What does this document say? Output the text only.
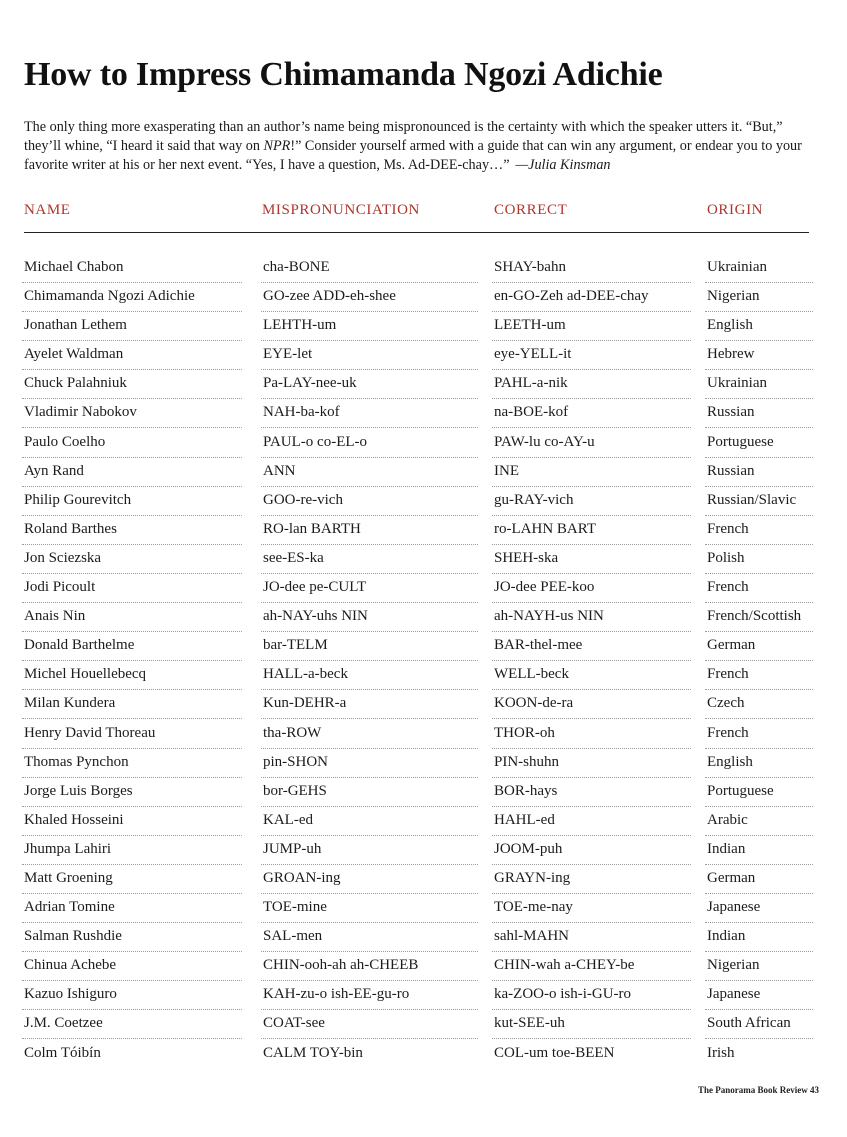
How to Impress Chimamanda Ngozi Adichie
The only thing more exasperating than an author’s name being mispronounced is the certainty with which the speaker utters it. “But,” they’ll whine, “I heard it said that way on NPR!” Consider yourself armed with a guide that can win any argument, or endear you to your favorite writer at his or her next event. “Yes, I have a question, Ms. Ad-DEE-chay…” —Julia Kinsman
NAME	MISPRONUNCIATION	CORRECT	ORIGIN
Michael Chabon	cha-BONE	SHAY-bahn	Ukrainian
Chimamanda Ngozi Adichie	GO-zee ADD-eh-shee	en-GO-Zeh ad-DEE-chay	Nigerian
Jonathan Lethem	LEHTH-um	LEETH-um	English
Ayelet Waldman	EYE-let	eye-YELL-it	Hebrew
Chuck Palahniuk	Pa-LAY-nee-uk	PAHL-a-nik	Ukrainian
Vladimir Nabokov	NAH-ba-kof	na-BOE-kof	Russian
Paulo Coelho	PAUL-o co-EL-o	PAW-lu co-AY-u	Portuguese
Ayn Rand	ANN	INE	Russian
Philip Gourevitch	GOO-re-vich	gu-RAY-vich	Russian/Slavic
Roland Barthes	RO-lan BARTH	ro-LAHN BART	French
Jon Sciezska	see-ES-ka	SHEH-ska	Polish
Jodi Picoult	JO-dee pe-CULT	JO-dee PEE-koo	French
Anais Nin	ah-NAY-uhs NIN	ah-NAYH-us NIN	French/Scottish
Donald Barthelme	bar-TELM	BAR-thel-mee	German
Michel Houellebecq	HALL-a-beck	WELL-beck	French
Milan Kundera	Kun-DEHR-a	KOON-de-ra	Czech
Henry David Thoreau	tha-ROW	THOR-oh	French
Thomas Pynchon	pin-SHON	PIN-shuhn	English
Jorge Luis Borges	bor-GEHS	BOR-hays	Portuguese
Khaled Hosseini	KAL-ed	HAHL-ed	Arabic
Jhumpa Lahiri	JUMP-uh	JOOM-puh	Indian
Matt Groening	GROAN-ing	GRAYN-ing	German
Adrian Tomine	TOE-mine	TOE-me-nay	Japanese
Salman Rushdie	SAL-men	sahl-MAHN	Indian
Chinua Achebe	CHIN-ooh-ah ah-CHEEB	CHIN-wah a-CHEY-be	Nigerian
Kazuo Ishiguro	KAH-zu-o ish-EE-gu-ro	ka-ZOO-o ish-i-GU-ro	Japanese
J.M. Coetzee	COAT-see	kut-SEE-uh	South African
Colm Tóibín	CALM TOY-bin	COL-um toe-BEEN	Irish
The Panorama Book Review 43
